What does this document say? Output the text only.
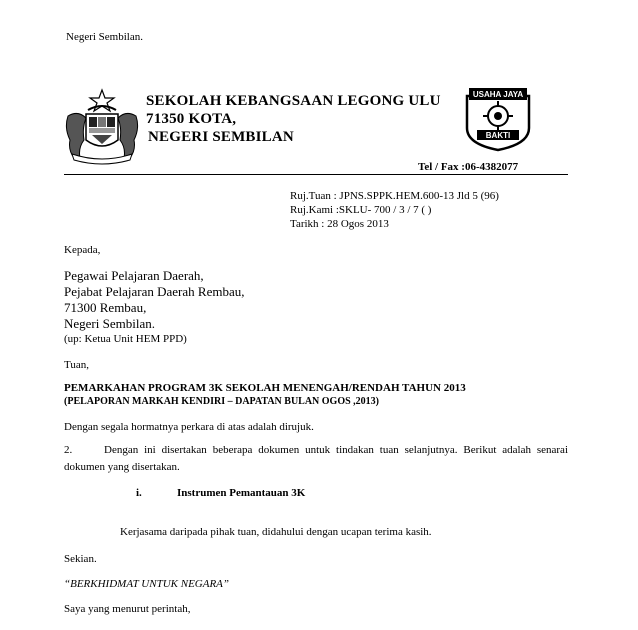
Negeri Sembilan.
SEKOLAH KEBANGSAAN LEGONG ULU
71350 KOTA,
NEGERI SEMBILAN
USAHA JAYA
BAKTI
Tel / Fax :06-4382077
Ruj.Tuan : JPNS.SPPK.HEM.600-13 Jld 5 (96)
Ruj.Kami :SKLU- 700 / 3 / 7 ( )
Tarikh : 28 Ogos 2013
Kepada,
Pegawai Pelajaran Daerah,
Pejabat Pelajaran Daerah Rembau,
71300 Rembau,
Negeri Sembilan.
(up: Ketua Unit HEM PPD)
Tuan,
PEMARKAHAN PROGRAM 3K SEKOLAH MENENGAH/RENDAH TAHUN 2013
(PELAPORAN MARKAH KENDIRI – DAPATAN BULAN OGOS ,2013)
Dengan segala hormatnya perkara di atas adalah dirujuk.
2.	Dengan ini disertakan beberapa dokumen untuk tindakan tuan selanjutnya. Berikut adalah senarai
dokumen yang disertakan.
i.	Instrumen Pemantauan 3K
Kerjasama daripada pihak tuan, didahului dengan ucapan terima kasih.
Sekian.
“BERKHIDMAT UNTUK NEGARA”
Saya yang menurut perintah,
